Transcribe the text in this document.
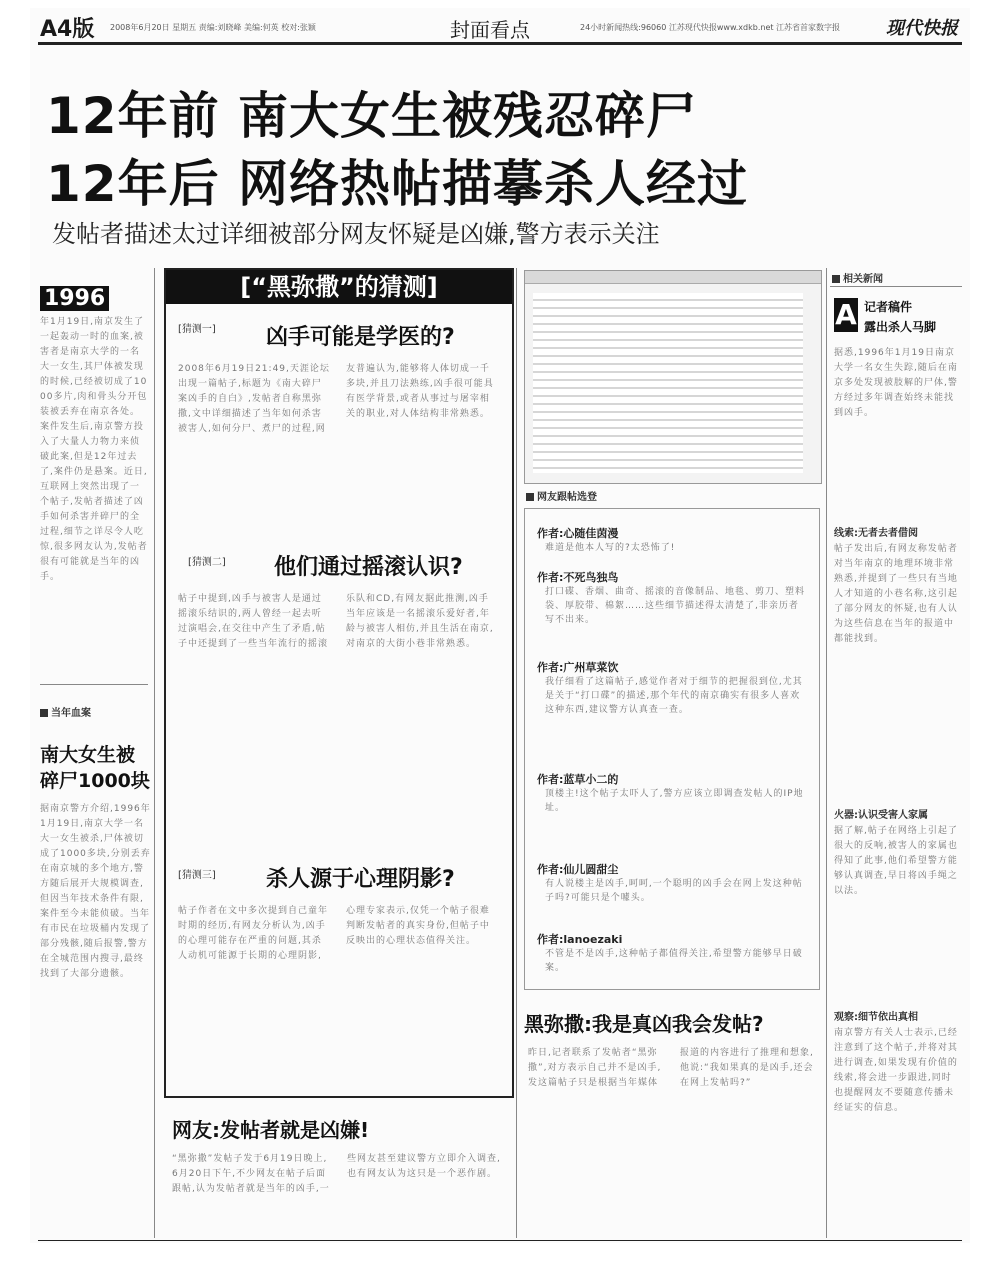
A4版 2008年6月20日 星期五 责编:刘晓峰 美编:何英 校对:张颖	封面看点	24小时新闻热线:96060 江苏现代快报www.xdkb.net 江苏省首家数字报	现代快报
12年前 南大女生被残忍碎尸
12年后 网络热帖描摹杀人经过
发帖者描述太过详细被部分网友怀疑是凶嫌,警方表示关注
1996
年1月19日,南京发生了一起轰动一时的血案,被害者是南京大学的一名大一女生,其尸体被发现的时候,已经被切成了1000多片,肉和骨头分开包装被丢弃在南京各处。案件发生后,南京警方投入了大量人力物力来侦破此案,但是12年过去了,案件仍是悬案。近日,互联网上突然出现了一个帖子,发帖者描述了凶手如何杀害并碎尸的全过程,细节之详尽令人吃惊,很多网友认为,发帖者很有可能就是当年的凶手。
当年血案
南大女生被碎尸1000块
据南京警方介绍,1996年1月19日,南京大学一名大一女生被杀,尸体被切成了1000多块,分别丢弃在南京城的多个地方,警方随后展开大规模调查,但因当年技术条件有限,案件至今未能侦破。当年有市民在垃圾桶内发现了部分残骸,随后报警,警方在全城范围内搜寻,最终找到了大部分遗骸。
[“黑弥撒”的猜测]
[猜测一] 凶手可能是学医的?
2008年6月19日21:49,天涯论坛出现一篇帖子,标题为《南大碎尸案凶手的自白》,发帖者自称黑弥撒,文中详细描述了当年如何杀害被害人,如何分尸、煮尸的过程,网友普遍认为,能够将人体切成一千多块,并且刀法熟练,凶手很可能具有医学背景,或者从事过与屠宰相关的职业,对人体结构非常熟悉。
[猜测二] 他们通过摇滚认识?
帖子中提到,凶手与被害人是通过摇滚乐结识的,两人曾经一起去听过演唱会,在交往中产生了矛盾,帖子中还提到了一些当年流行的摇滚乐队和CD,有网友据此推测,凶手当年应该是一名摇滚乐爱好者,年龄与被害人相仿,并且生活在南京,对南京的大街小巷非常熟悉。
[猜测三] 杀人源于心理阴影?
帖子作者在文中多次提到自己童年时期的经历,有网友分析认为,凶手的心理可能存在严重的问题,其杀人动机可能源于长期的心理阴影,心理专家表示,仅凭一个帖子很难判断发帖者的真实身份,但帖子中反映出的心理状态值得关注。
网友:发帖者就是凶嫌!
“黑弥撒”发帖子发于6月19日晚上,6月20日下午,不少网友在帖子后面跟帖,认为发帖者就是当年的凶手,一些网友甚至建议警方立即介入调查,也有网友认为这只是一个恶作剧。
网友跟帖选登
作者:心随佳茵漫
难道是他本人写的?太恐怖了!
作者:不死鸟独鸟
打口碟、香烟、曲奇、摇滚的音像制品、地毯、剪刀、塑料袋、厚胶带、棉絮……这些细节描述得太清楚了,非亲历者写不出来。
作者:广州草菜饮
我仔细看了这篇帖子,感觉作者对于细节的把握很到位,尤其是关于“打口碟”的描述,那个年代的南京确实有很多人喜欢这种东西,建议警方认真查一查。
作者:蓝草小二的
顶楼主!这个帖子太吓人了,警方应该立即调查发帖人的IP地址。
作者:仙儿圆甜尘
有人说楼主是凶手,呵呵,一个聪明的凶手会在网上发这种帖子吗?可能只是个噱头。
作者:lanoezaki
不管是不是凶手,这种帖子都值得关注,希望警方能够早日破案。
黑弥撒:我是真凶我会发帖?
昨日,记者联系了发帖者“黑弥撒”,对方表示自己并不是凶手,发这篇帖子只是根据当年媒体报道的内容进行了推理和想象,他说:“我如果真的是凶手,还会在网上发帖吗?”
相关新闻
A 记者稿件
露出杀人马脚
据悉,1996年1月19日南京大学一名女生失踪,随后在南京多处发现被肢解的尸体,警方经过多年调查始终未能找到凶手。
线索:无者去者借阅
帖子发出后,有网友称发帖者对当年南京的地理环境非常熟悉,并提到了一些只有当地人才知道的小巷名称,这引起了部分网友的怀疑,也有人认为这些信息在当年的报道中都能找到。
火器:认识受害人家属
据了解,帖子在网络上引起了很大的反响,被害人的家属也得知了此事,他们希望警方能够认真调查,早日将凶手绳之以法。
观察:细节依出真相
南京警方有关人士表示,已经注意到了这个帖子,并将对其进行调查,如果发现有价值的线索,将会进一步跟进,同时也提醒网友不要随意传播未经证实的信息。
